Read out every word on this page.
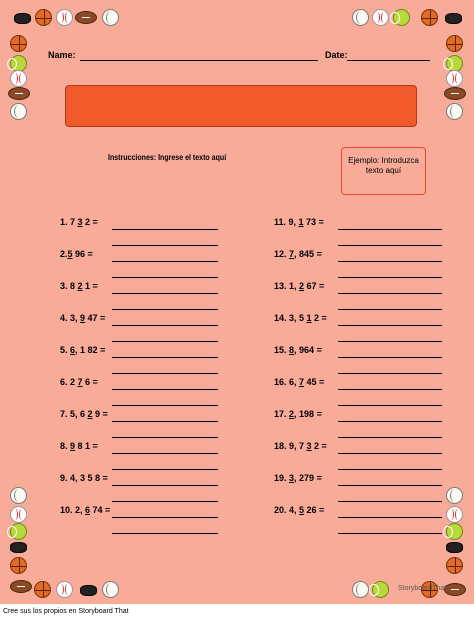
Name:	Date:
Instrucciones: Ingrese el texto aquí	Ejemplo: Introduzca texto aquí
1. 7 3 2 =
2.5 96 =
3. 8 2 1 =
4. 3, 9 47 =
5. 6, 1 82 =
6. 2 7 6 =
7. 5, 6 2 9 =
8. 9 8 1 =
9. 4, 3 5 8 =
10. 2, 6 74 =
11. 9, 1 73 =
12. 7, 845 =
13. 1, 2 67 =
14. 3, 5 1 2 =
15. 8, 964 =
16. 6, 7 45 =
17. 2, 198 =
18. 9, 7 3 2 =
19. 3, 279 =
20. 4, 5 26 =
StoryboardThat
Cree sus los propios en Storyboard That
